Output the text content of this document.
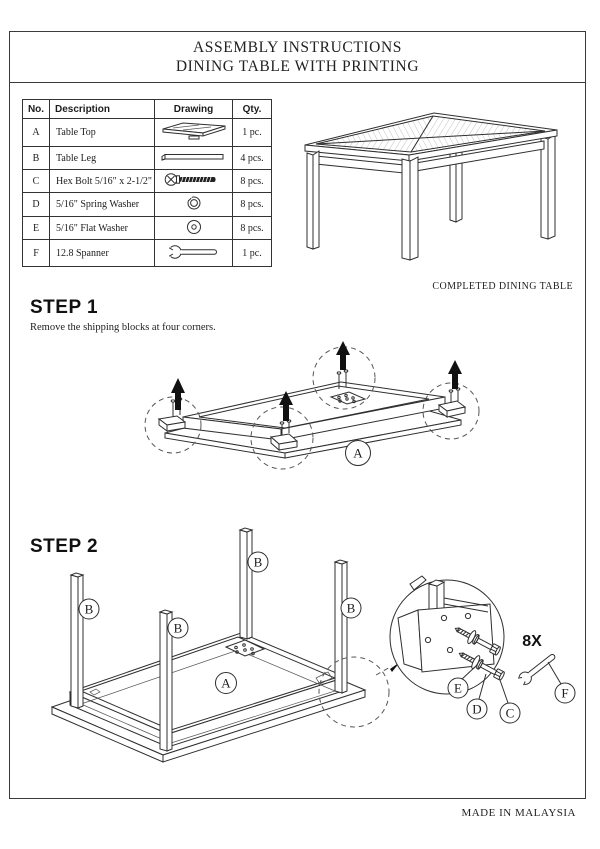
ASSEMBLY INSTRUCTIONS
DINING TABLE WITH PRINTING
No.	Description	Drawing	Qty.
A	Table Top		1 pc.
B	Table Leg		4 pcs.
C	Hex Bolt 5/16" x 2-1/2"		8 pcs.
D	5/16" Spring Washer		8 pcs.
E	5/16" Flat Washer		8 pcs.
F	12.8 Spanner		1 pc.
COMPLETED DINING TABLE
STEP 1
Remove the shipping blocks at four corners.
A
STEP 2
B
B
B
B
A
8X
E
D C
F
MADE IN MALAYSIA
